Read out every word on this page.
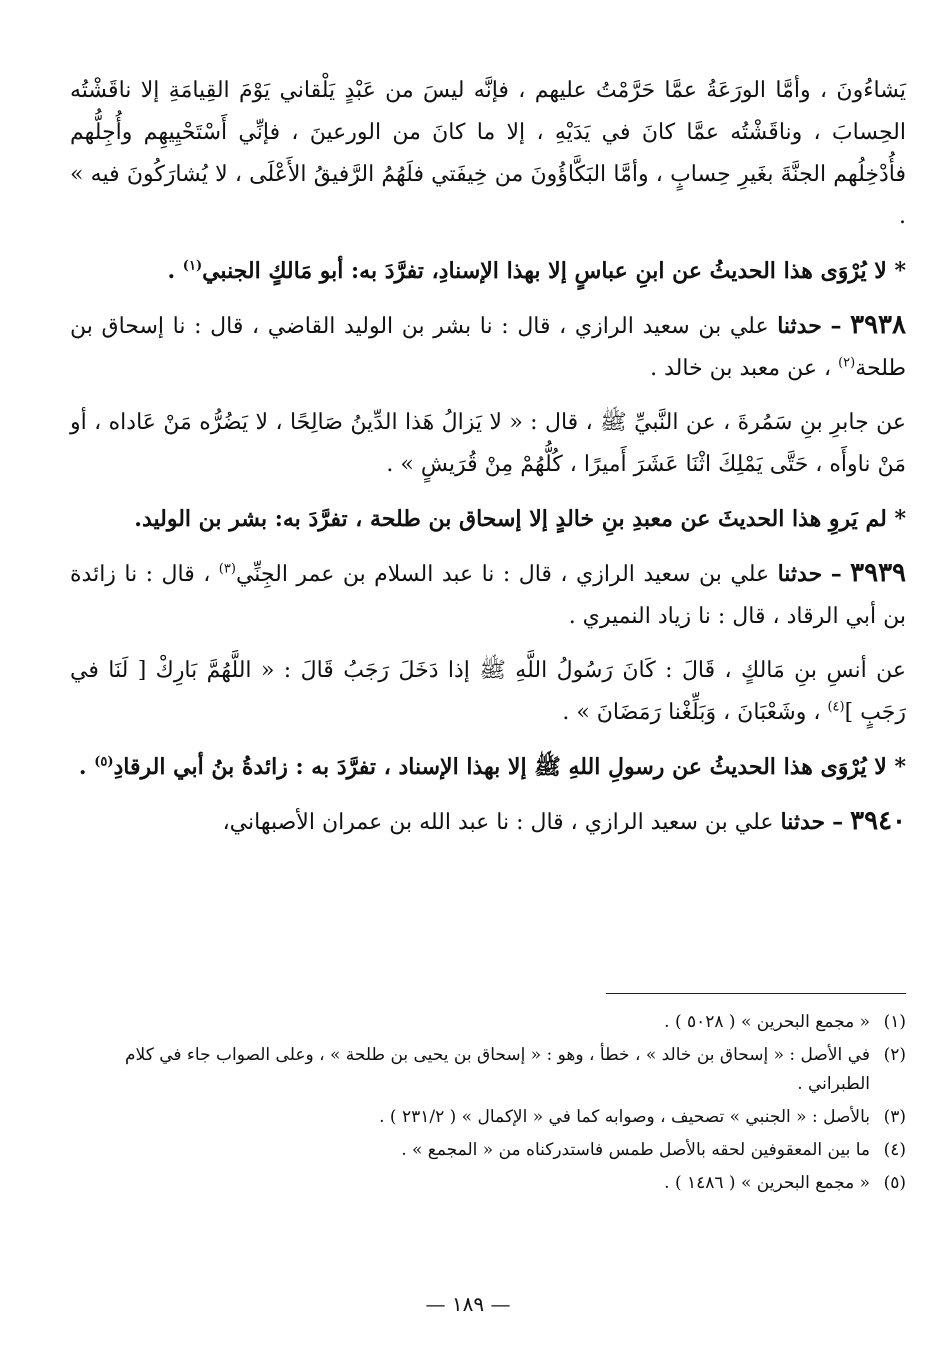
يَشاءُونَ ، وأمَّا الورَعَةُ عمَّا حَرَّمْتُ عليهم ، فإنَّه ليسَ من عَبْدٍ يَلْقاني يَوْمَ القِيامَةِ إلا ناقَشْتُه الحِسابَ ، وناقَشْتُه عمَّا كانَ في يَدَيْهِ ، إلا ما كانَ من الورعينَ ، فإنِّي أَسْتَحْيِيهِم وأُجِلُّهم فأُدْخِلُهم الجنَّةَ بغَيرِ حِسابٍ ، وأمَّا البَكَّاؤُونَ من خِيفَتي فلَهُمُ الرَّفيقُ الأَعْلَى ، لا يُشارَكُونَ فيه » .

* لا يُرْوَى هذا الحديثُ عن ابنِ عباسٍ إلا بهذا الإسنادِ، تفرَّدَ به: أبو مَالكٍ الجنبي$^{(١)}$ .

٣٩٣٨ – حدثنا علي بن سعيد الرازي ، قال : نا بشر بن الوليد القاضي ، قال : نا إسحاق بن طلحة$^{(٢)}$ ، عن معبد بن خالد .

عن جابرِ بنِ سَمُرةَ ، عن النَّبيِّ ﷺ ، قال : « لا يَزالُ هَذا الدِّينُ صَالِحًا ، لا يَضُرُّه مَنْ عَاداه ، أو مَنْ ناوأَه ، حَتَّى يَمْلِكَ اثْنَا عَشَرَ أَميرًا ، كُلُّهُمْ مِنْ قُرَيشٍ » .

* لم يَروِ هذا الحديثَ عن معبدِ بنِ خالدٍ إلا إسحاق بن طلحة ، تفرَّدَ به: بشر بن الوليد.

٣٩٣٩ – حدثنا علي بن سعيد الرازي ، قال : نا عبد السلام بن عمر الجِنِّي$^{(٣)}$ ، قال : نا زائدة بن أبي الرقاد ، قال : نا زياد النميري .

عن أنسِ بنِ مَالكٍ ، قَالَ : كَانَ رَسُولُ اللَّهِ ﷺ إذا دَخَلَ رَجَبُ قَالَ : « اللَّهُمَّ بَارِكْ [ لَنَا في رَجَبٍ ]$^{(٤)}$ ، وشَعْبَانَ ، وَبَلِّغْنا رَمَضَانَ » .

* لا يُرْوَى هذا الحديثُ عن رسولِ اللهِ ﷺ إلا بهذا الإسناد ، تفرَّدَ به : زائدةُ بنُ أبي الرقادِ$^{(٥)}$ .

٣٩٤٠ – حدثنا علي بن سعيد الرازي ، قال : نا عبد الله بن عمران الأصبهاني،

(١)« مجمع البحرين » ( ٥٠٢٨ ) .

(٢)في الأصل : « إسحاق بن خالد » ، خطأ ، وهو : « إسحاق بن يحيى بن طلحة » ، وعلى الصواب جاء في كلام الطبراني .

(٣)بالأصل : « الجنبي » تصحيف ، وصوابه كما في « الإكمال » ( ٢٣١/٢ ) .

(٤)ما بين المعقوفين لحقه بالأصل طمس فاستدركناه من « المجمع » .

(٥)« مجمع البحرين » ( ١٤٨٦ ) .

— ١٨٩ —
